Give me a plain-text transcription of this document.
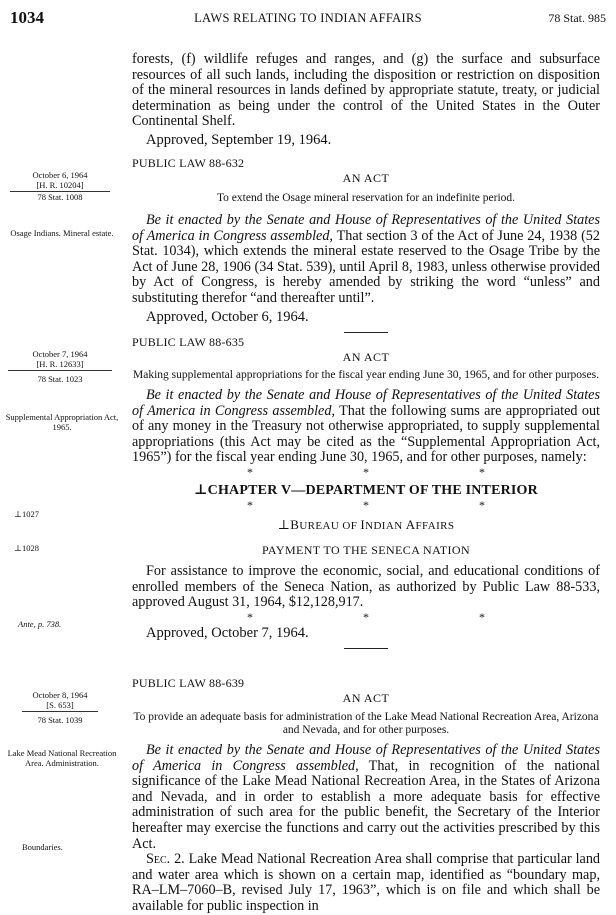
1034	LAWS RELATING TO INDIAN AFFAIRS	78 Stat. 985

forests, (f) wildlife refuges and ranges, and (g) the surface and subsurface resources of all such lands, including the disposition or restriction on disposition of the mineral resources in lands defined by appropriate statute, treaty, or judicial determination as being under the control of the United States in the Outer Continental Shelf.

Approved, September 19, 1964.
October 6, 1964
[H. R. 10204]
78 Stat. 1008
Osage Indians. Mineral estate.
PUBLIC LAW 88-632
AN ACT
To extend the Osage mineral reservation for an indefinite period.

Be it enacted by the Senate and House of Representatives of the United States of America in Congress assembled, That section 3 of the Act of June 24, 1938 (52 Stat. 1034), which extends the mineral estate reserved to the Osage Tribe by the Act of June 28, 1906 (34 Stat. 539), until April 8, 1983, unless otherwise provided by Act of Congress, is hereby amended by striking the word “unless” and substituting therefor “and thereafter until”.

Approved, October 6, 1964.
October 7, 1964
[H. R. 12633]
78 Stat. 1023
Supplemental Appropriation Act, 1965.
PUBLIC LAW 88-635
AN ACT
Making supplemental appropriations for the fiscal year ending June 30, 1965, and for other purposes.

Be it enacted by the Senate and House of Representatives of the United States of America in Congress assembled, That the following sums are appropriated out of any money in the Treasury not otherwise appropriated, to supply supplemental appropriations (this Act may be cited as the “Supplemental Appropriation Act, 1965”) for the fiscal year ending June 30, 1965, and for other purposes, namely:

*	*	*
⊥CHAPTER V—DEPARTMENT OF THE INTERIOR
*	*	*
⊥BUREAU OF INDIAN AFFAIRS
PAYMENT TO THE SENECA NATION

For assistance to improve the economic, social, and educational conditions of enrolled members of the Seneca Nation, as authorized by Public Law 88-533, approved August 31, 1964, $12,128,917.

*	*	*
Approved, October 7, 1964.
⊥1027
⊥1028
Ante, p. 738.
October 8, 1964
[S. 653]
78 Stat. 1039
Lake Mead National Recreation Area. Administration.
Boundaries.
PUBLIC LAW 88-639
AN ACT
To provide an adequate basis for administration of the Lake Mead National Recreation Area, Arizona and Nevada, and for other purposes.

Be it enacted by the Senate and House of Representatives of the United States of America in Congress assembled, That, in recognition of the national significance of the Lake Mead National Recreation Area, in the States of Arizona and Nevada, and in order to establish a more adequate basis for effective administration of such area for the public benefit, the Secretary of the Interior hereafter may exercise the functions and carry out the activities prescribed by this Act.

Sec. 2. Lake Mead National Recreation Area shall comprise that particular land and water area which is shown on a certain map, identified as “boundary map, RA–LM–7060–B, revised July 17, 1963”, which is on file and which shall be available for public inspection in
